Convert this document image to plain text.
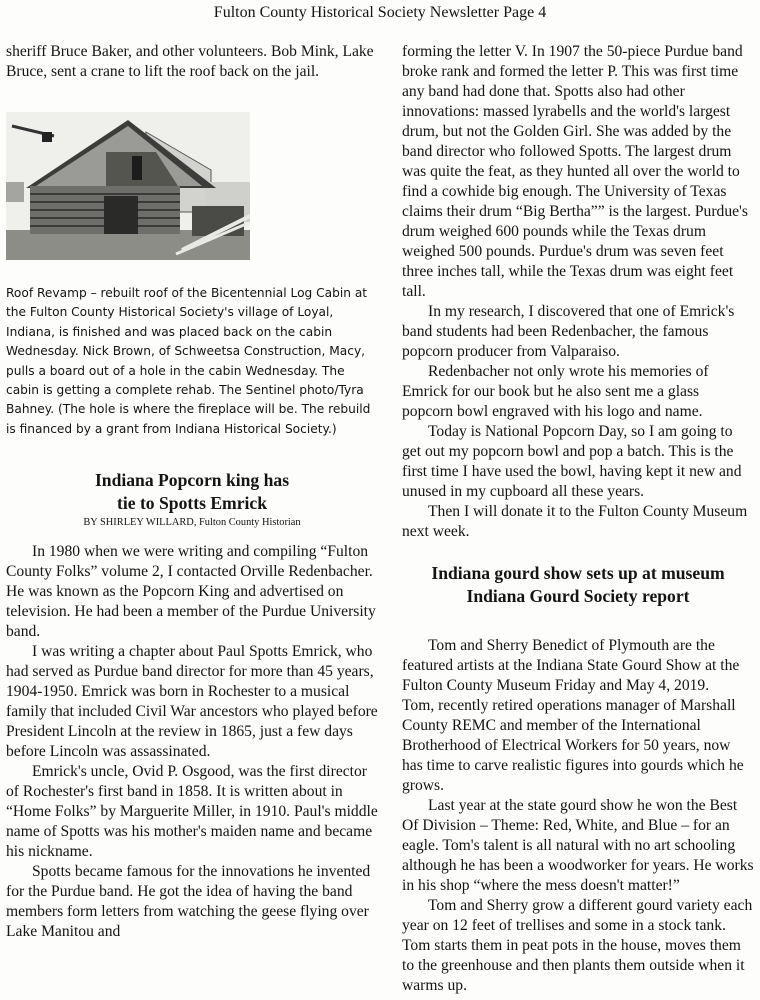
Fulton County Historical Society Newsletter Page 4

sheriff Bruce Baker, and other volunteers. Bob Mink, Lake Bruce, sent a crane to lift the roof back on the jail.

Roof Revamp – rebuilt roof of the Bicentennial Log Cabin at the Fulton County Historical Society's village of Loyal, Indiana, is finished and was placed back on the cabin Wednesday. Nick Brown, of Schweetsa Construction, Macy, pulls a board out of a hole in the cabin Wednesday. The cabin is getting a complete rehab. The Sentinel photo/Tyra Bahney. (The hole is where the fireplace will be. The rebuild is financed by a grant from Indiana Historical Society.)
Indiana Popcorn king has
tie to Spotts Emrick
BY SHIRLEY WILLARD, Fulton County Historian

In 1980 when we were writing and compiling “Fulton County Folks” volume 2, I contacted Orville Redenbacher. He was known as the Popcorn King and advertised on television. He had been a member of the Purdue University band.

I was writing a chapter about Paul Spotts Emrick, who had served as Purdue band director for more than 45 years, 1904-1950. Emrick was born in Rochester to a musical family that included Civil War ancestors who played before President Lincoln at the review in 1865, just a few days before Lincoln was assassinated.

Emrick's uncle, Ovid P. Osgood, was the first director of Rochester's first band in 1858. It is written about in “Home Folks” by Marguerite Miller, in 1910. Paul's middle name of Spotts was his mother's maiden name and became his nickname.

Spotts became famous for the innovations he invented for the Purdue band. He got the idea of having the band members form letters from watching the geese flying over Lake Manitou and

forming the letter V. In 1907 the 50-piece Purdue band broke rank and formed the letter P. This was first time any band had done that. Spotts also had other innovations: massed lyrabells and the world's largest drum, but not the Golden Girl. She was added by the band director who followed Spotts. The largest drum was quite the feat, as they hunted all over the world to find a cowhide big enough. The University of Texas claims their drum “Big Bertha”” is the largest. Purdue's drum weighed 600 pounds while the Texas drum weighed 500 pounds. Purdue's drum was seven feet three inches tall, while the Texas drum was eight feet tall.

In my research, I discovered that one of Emrick's band students had been Redenbacher, the famous popcorn producer from Valparaiso.

Redenbacher not only wrote his memories of Emrick for our book but he also sent me a glass popcorn bowl engraved with his logo and name.

Today is National Popcorn Day, so I am going to get out my popcorn bowl and pop a batch. This is the first time I have used the bowl, having kept it new and unused in my cupboard all these years.

Then I will donate it to the Fulton County Museum next week.

Indiana gourd show sets up at museum
Indiana Gourd Society report

Tom and Sherry Benedict of Plymouth are the featured artists at the Indiana State Gourd Show at the Fulton County Museum Friday and May 4, 2019.

Tom, recently retired operations manager of Marshall County REMC and member of the International Brotherhood of Electrical Workers for 50 years, now has time to carve realistic figures into gourds which he grows.

Last year at the state gourd show he won the Best Of Division – Theme: Red, White, and Blue – for an eagle. Tom's talent is all natural with no art schooling although he has been a woodworker for years. He works in his shop “where the mess doesn't matter!”

Tom and Sherry grow a different gourd variety each year on 12 feet of trellises and some in a stock tank. Tom starts them in peat pots in the house, moves them to the greenhouse and then plants them outside when it warms up.
